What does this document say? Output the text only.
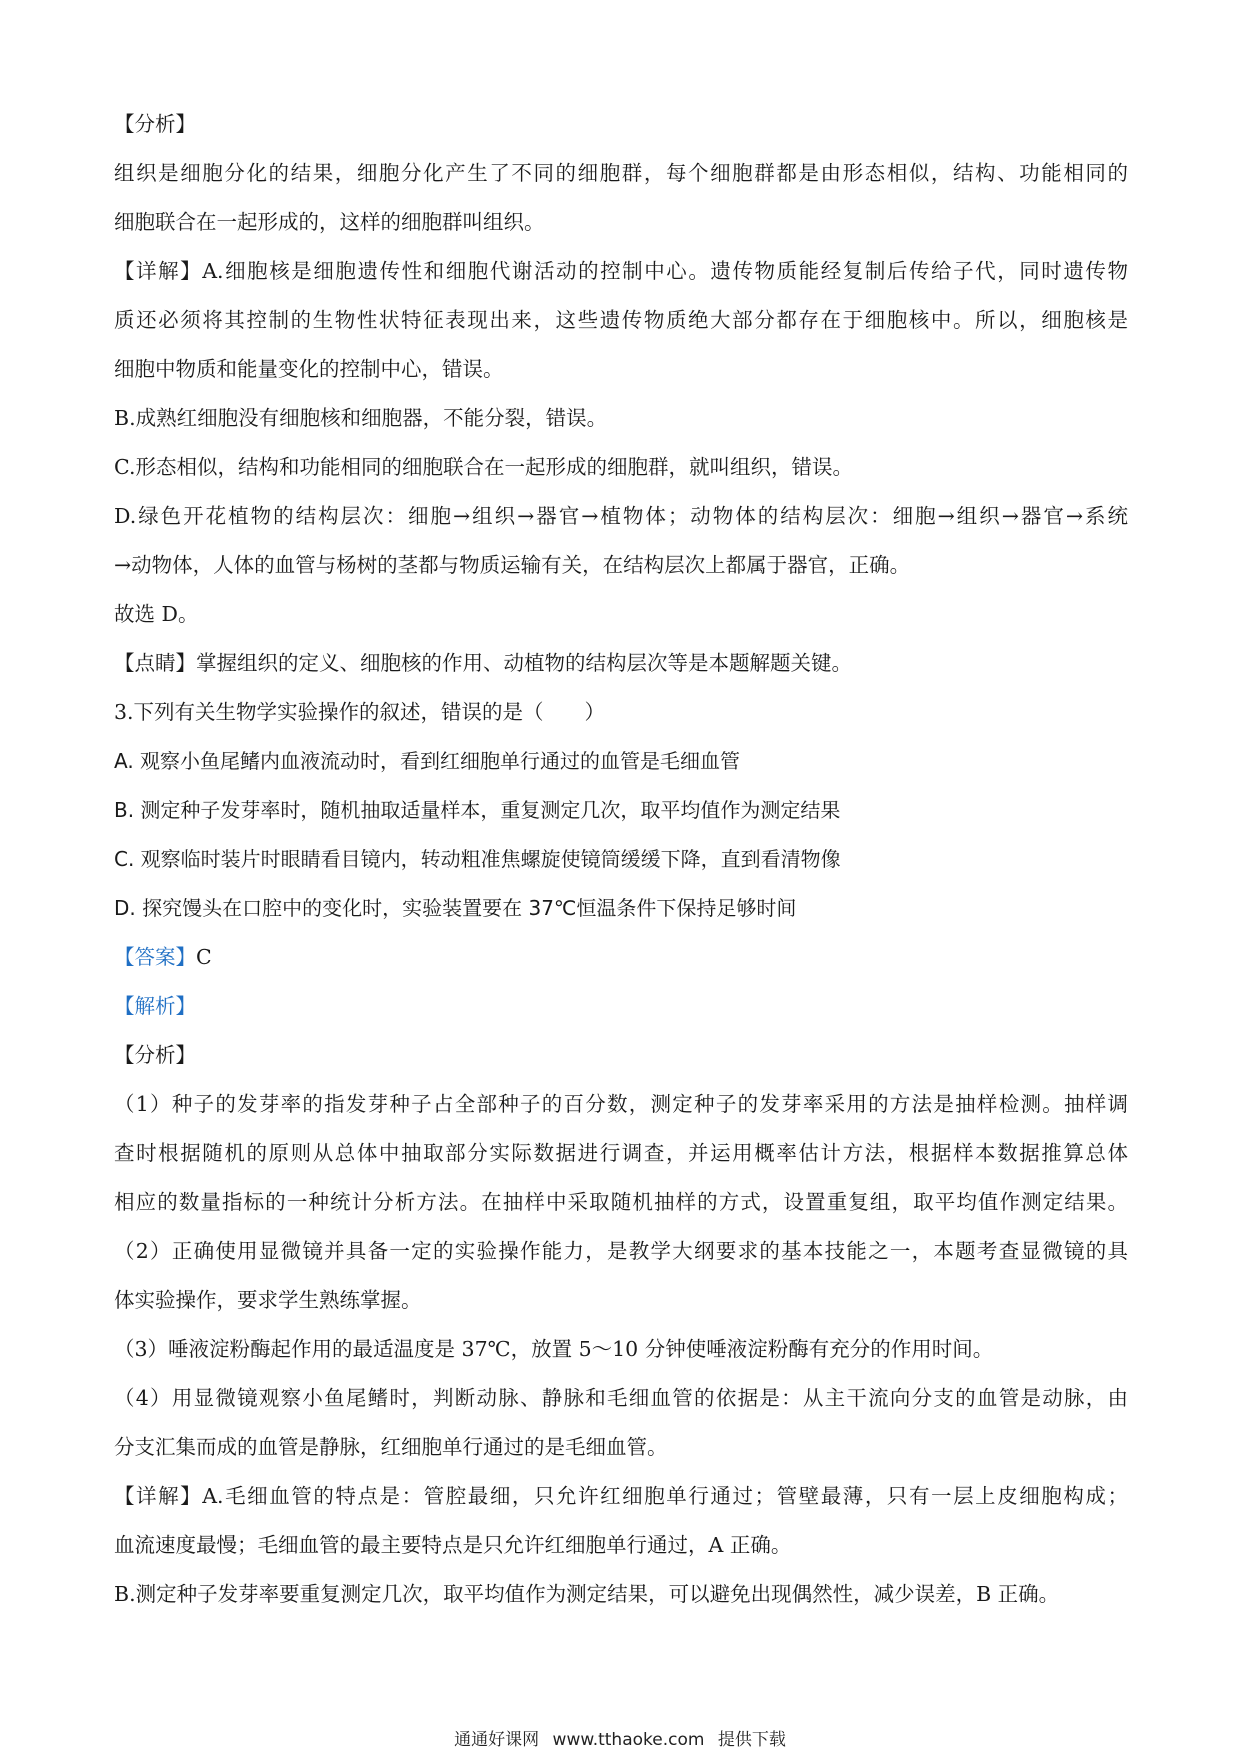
【分析】

组织是细胞分化的结果，细胞分化产生了不同的细胞群，每个细胞群都是由形态相似，结构、功能相同的

细胞联合在一起形成的，这样的细胞群叫组织。

【详解】A.细胞核是细胞遗传性和细胞代谢活动的控制中心。遗传物质能经复制后传给子代，同时遗传物

质还必须将其控制的生物性状特征表现出来，这些遗传物质绝大部分都存在于细胞核中。所以，细胞核是

细胞中物质和能量变化的控制中心，错误。

B.成熟红细胞没有细胞核和细胞器，不能分裂，错误。

C.形态相似，结构和功能相同的细胞联合在一起形成的细胞群，就叫组织，错误。

D.绿色开花植物的结构层次：细胞→组织→器官→植物体；动物体的结构层次：细胞→组织→器官→系统

→动物体，人体的血管与杨树的茎都与物质运输有关，在结构层次上都属于器官，正确。

故选 D。

【点睛】掌握组织的定义、细胞核的作用、动植物的结构层次等是本题解题关键。

3.下列有关生物学实验操作的叙述，错误的是（　　）

A. 观察小鱼尾鳍内血液流动时，看到红细胞单行通过的血管是毛细血管

B. 测定种子发芽率时，随机抽取适量样本，重复测定几次，取平均值作为测定结果

C. 观察临时装片时眼睛看目镜内，转动粗准焦螺旋使镜筒缓缓下降，直到看清物像

D. 探究馒头在口腔中的变化时，实验装置要在 37℃恒温条件下保持足够时间

【答案】C

【解析】

【分析】

（1）种子的发芽率的指发芽种子占全部种子的百分数，测定种子的发芽率采用的方法是抽样检测。抽样调

查时根据随机的原则从总体中抽取部分实际数据进行调查，并运用概率估计方法，根据样本数据推算总体

相应的数量指标的一种统计分析方法。在抽样中采取随机抽样的方式，设置重复组，取平均值作测定结果。

（2）正确使用显微镜并具备一定的实验操作能力，是教学大纲要求的基本技能之一，本题考查显微镜的具

体实验操作，要求学生熟练掌握。

（3）唾液淀粉酶起作用的最适温度是 37℃，放置 5～10 分钟使唾液淀粉酶有充分的作用时间。

（4）用显微镜观察小鱼尾鳍时，判断动脉、静脉和毛细血管的依据是：从主干流向分支的血管是动脉，由

分支汇集而成的血管是静脉，红细胞单行通过的是毛细血管。

【详解】A.毛细血管的特点是：管腔最细，只允许红细胞单行通过；管壁最薄，只有一层上皮细胞构成；

血流速度最慢；毛细血管的最主要特点是只允许红细胞单行通过，A 正确。

B.测定种子发芽率要重复测定几次，取平均值作为测定结果，可以避免出现偶然性，减少误差，B 正确。

通通好课网 www.tthaoke.com 提供下载
